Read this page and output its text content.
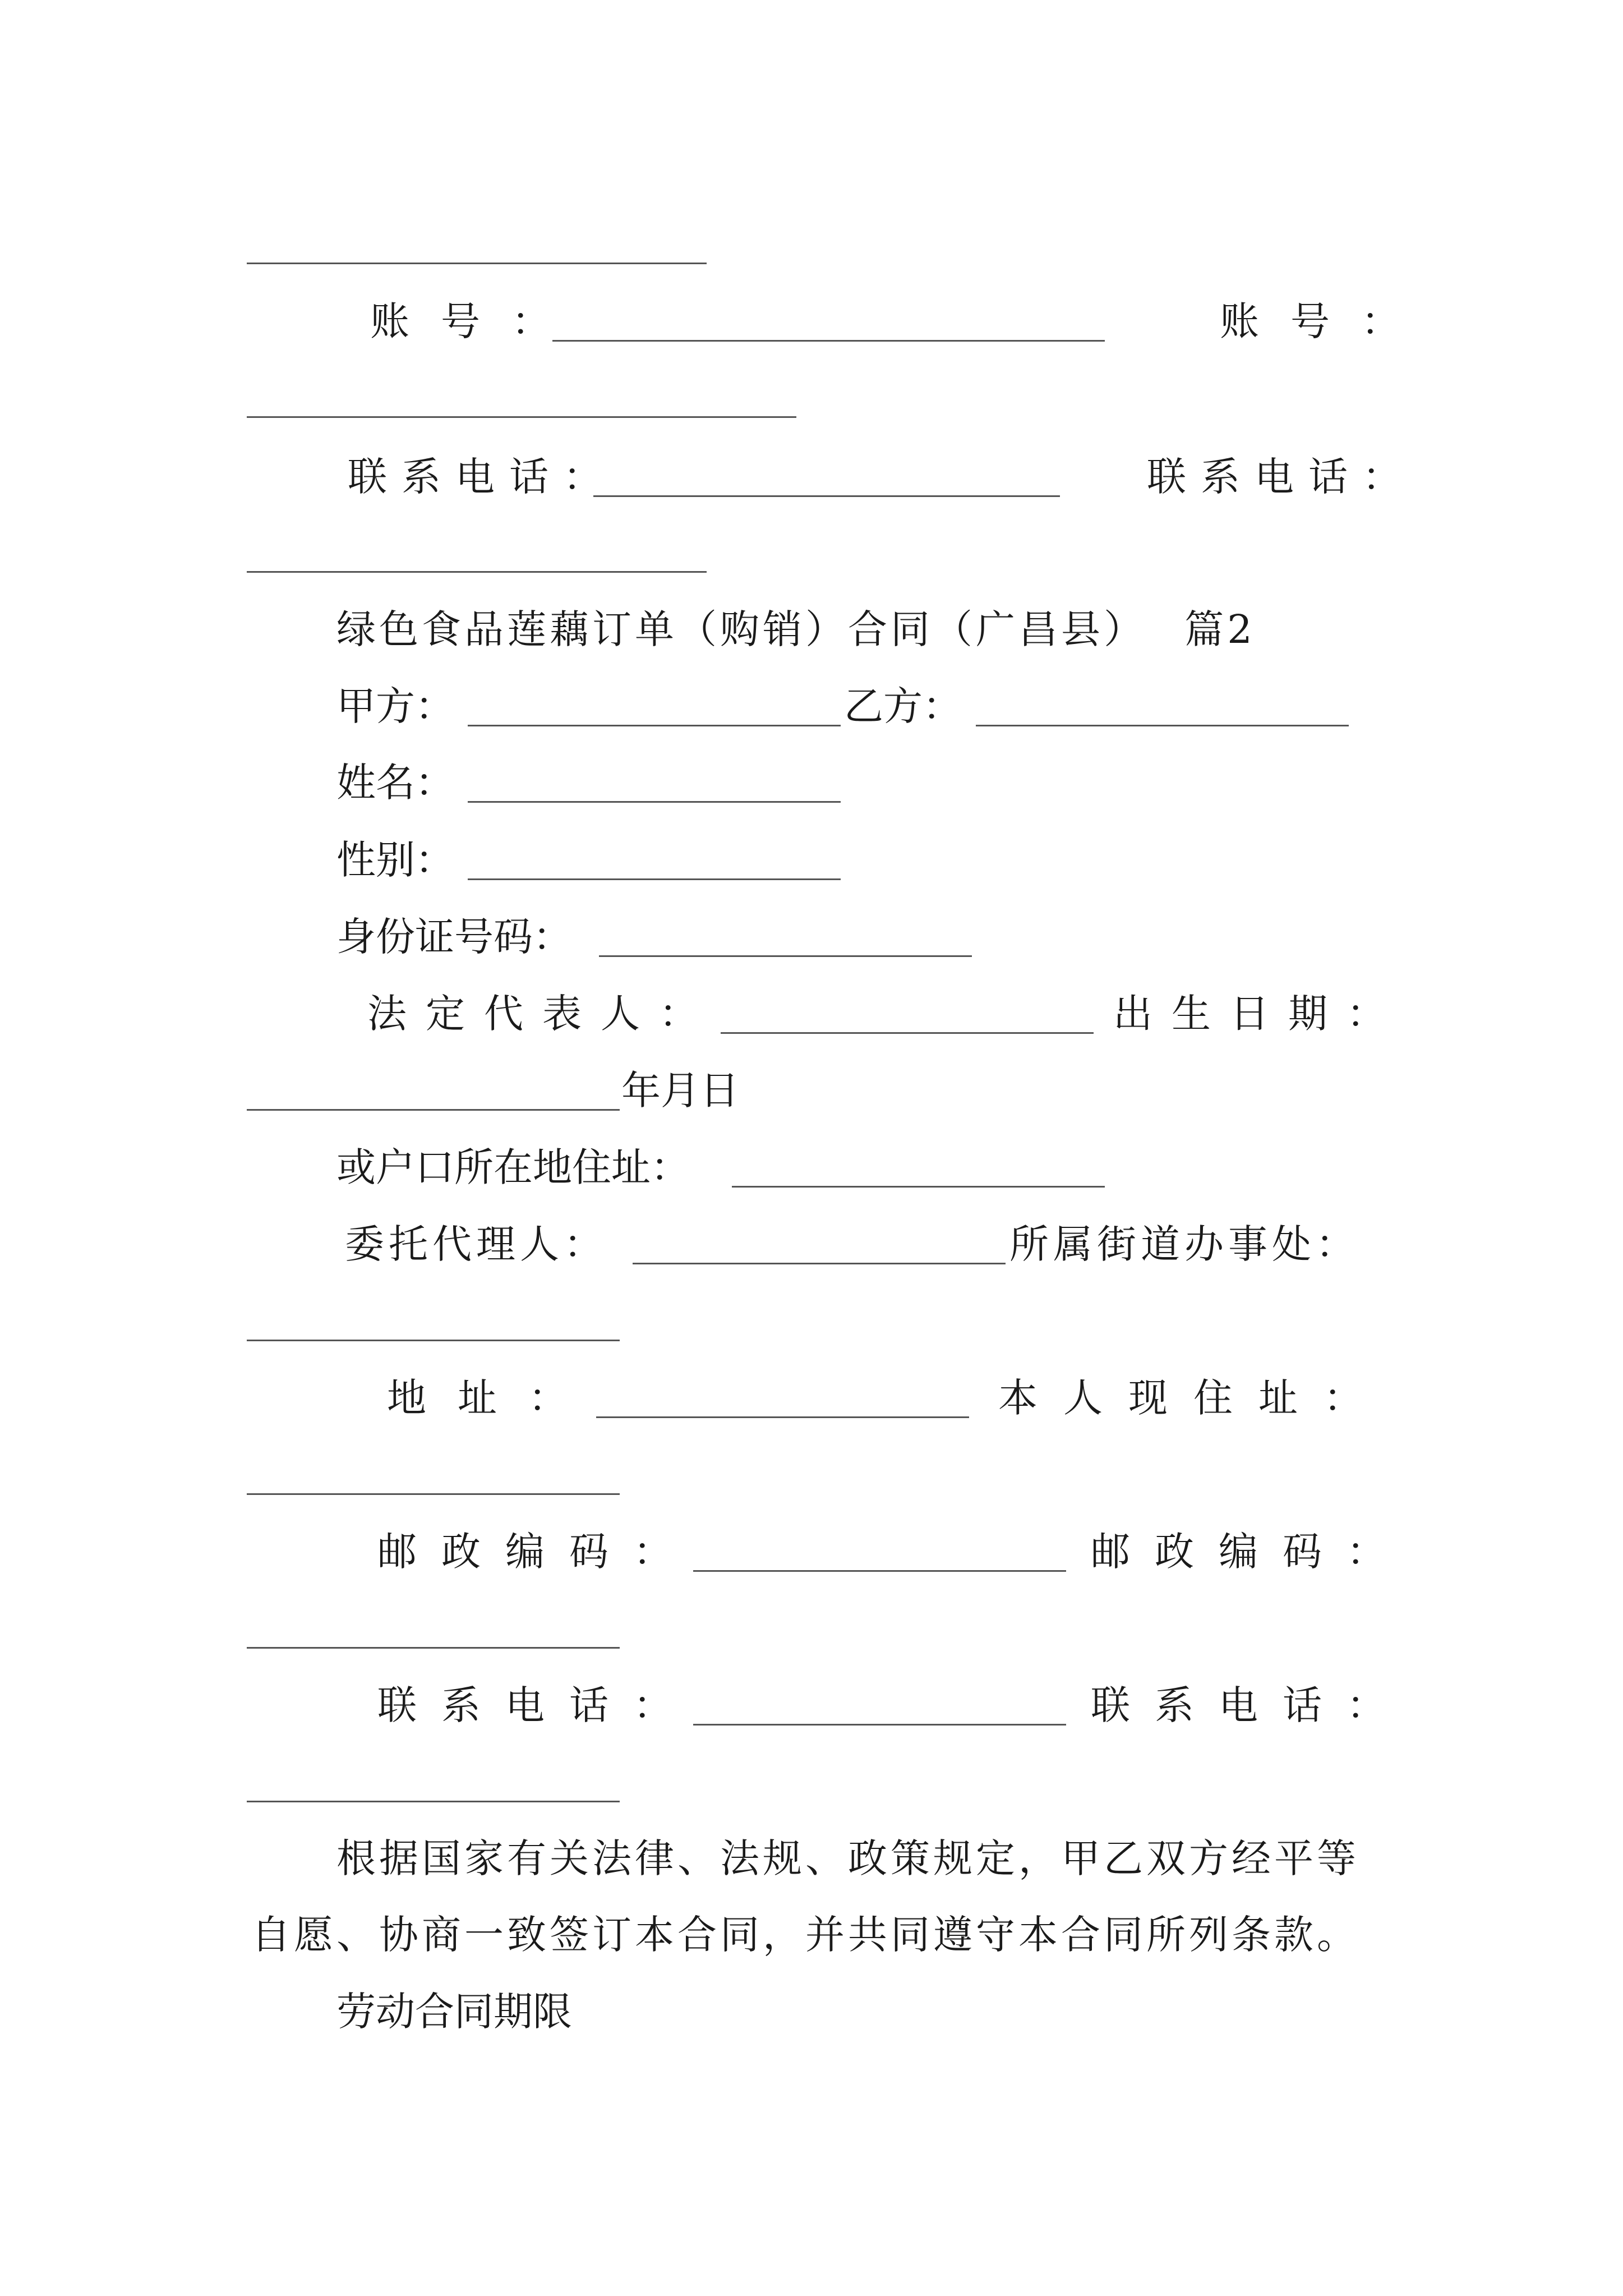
账号：	账号：
联系电话：	联系电话：
绿色食品莲藕订单（购销）合同（广昌县） 篇2
甲方：	乙方：
姓名：
性别：
身份证号码：
法定代表人：	出生日期：
年月日
或户口所在地住址：
委托代理人：	所属街道办事处：
地址：	本人现住址：
邮政编码：	邮政编码：
联系电话：	联系电话：
根据国家有关法律、法规、政策规定，甲乙双方经平等
自愿、协商一致签订本合同，并共同遵守本合同所列条款。
劳动合同期限
